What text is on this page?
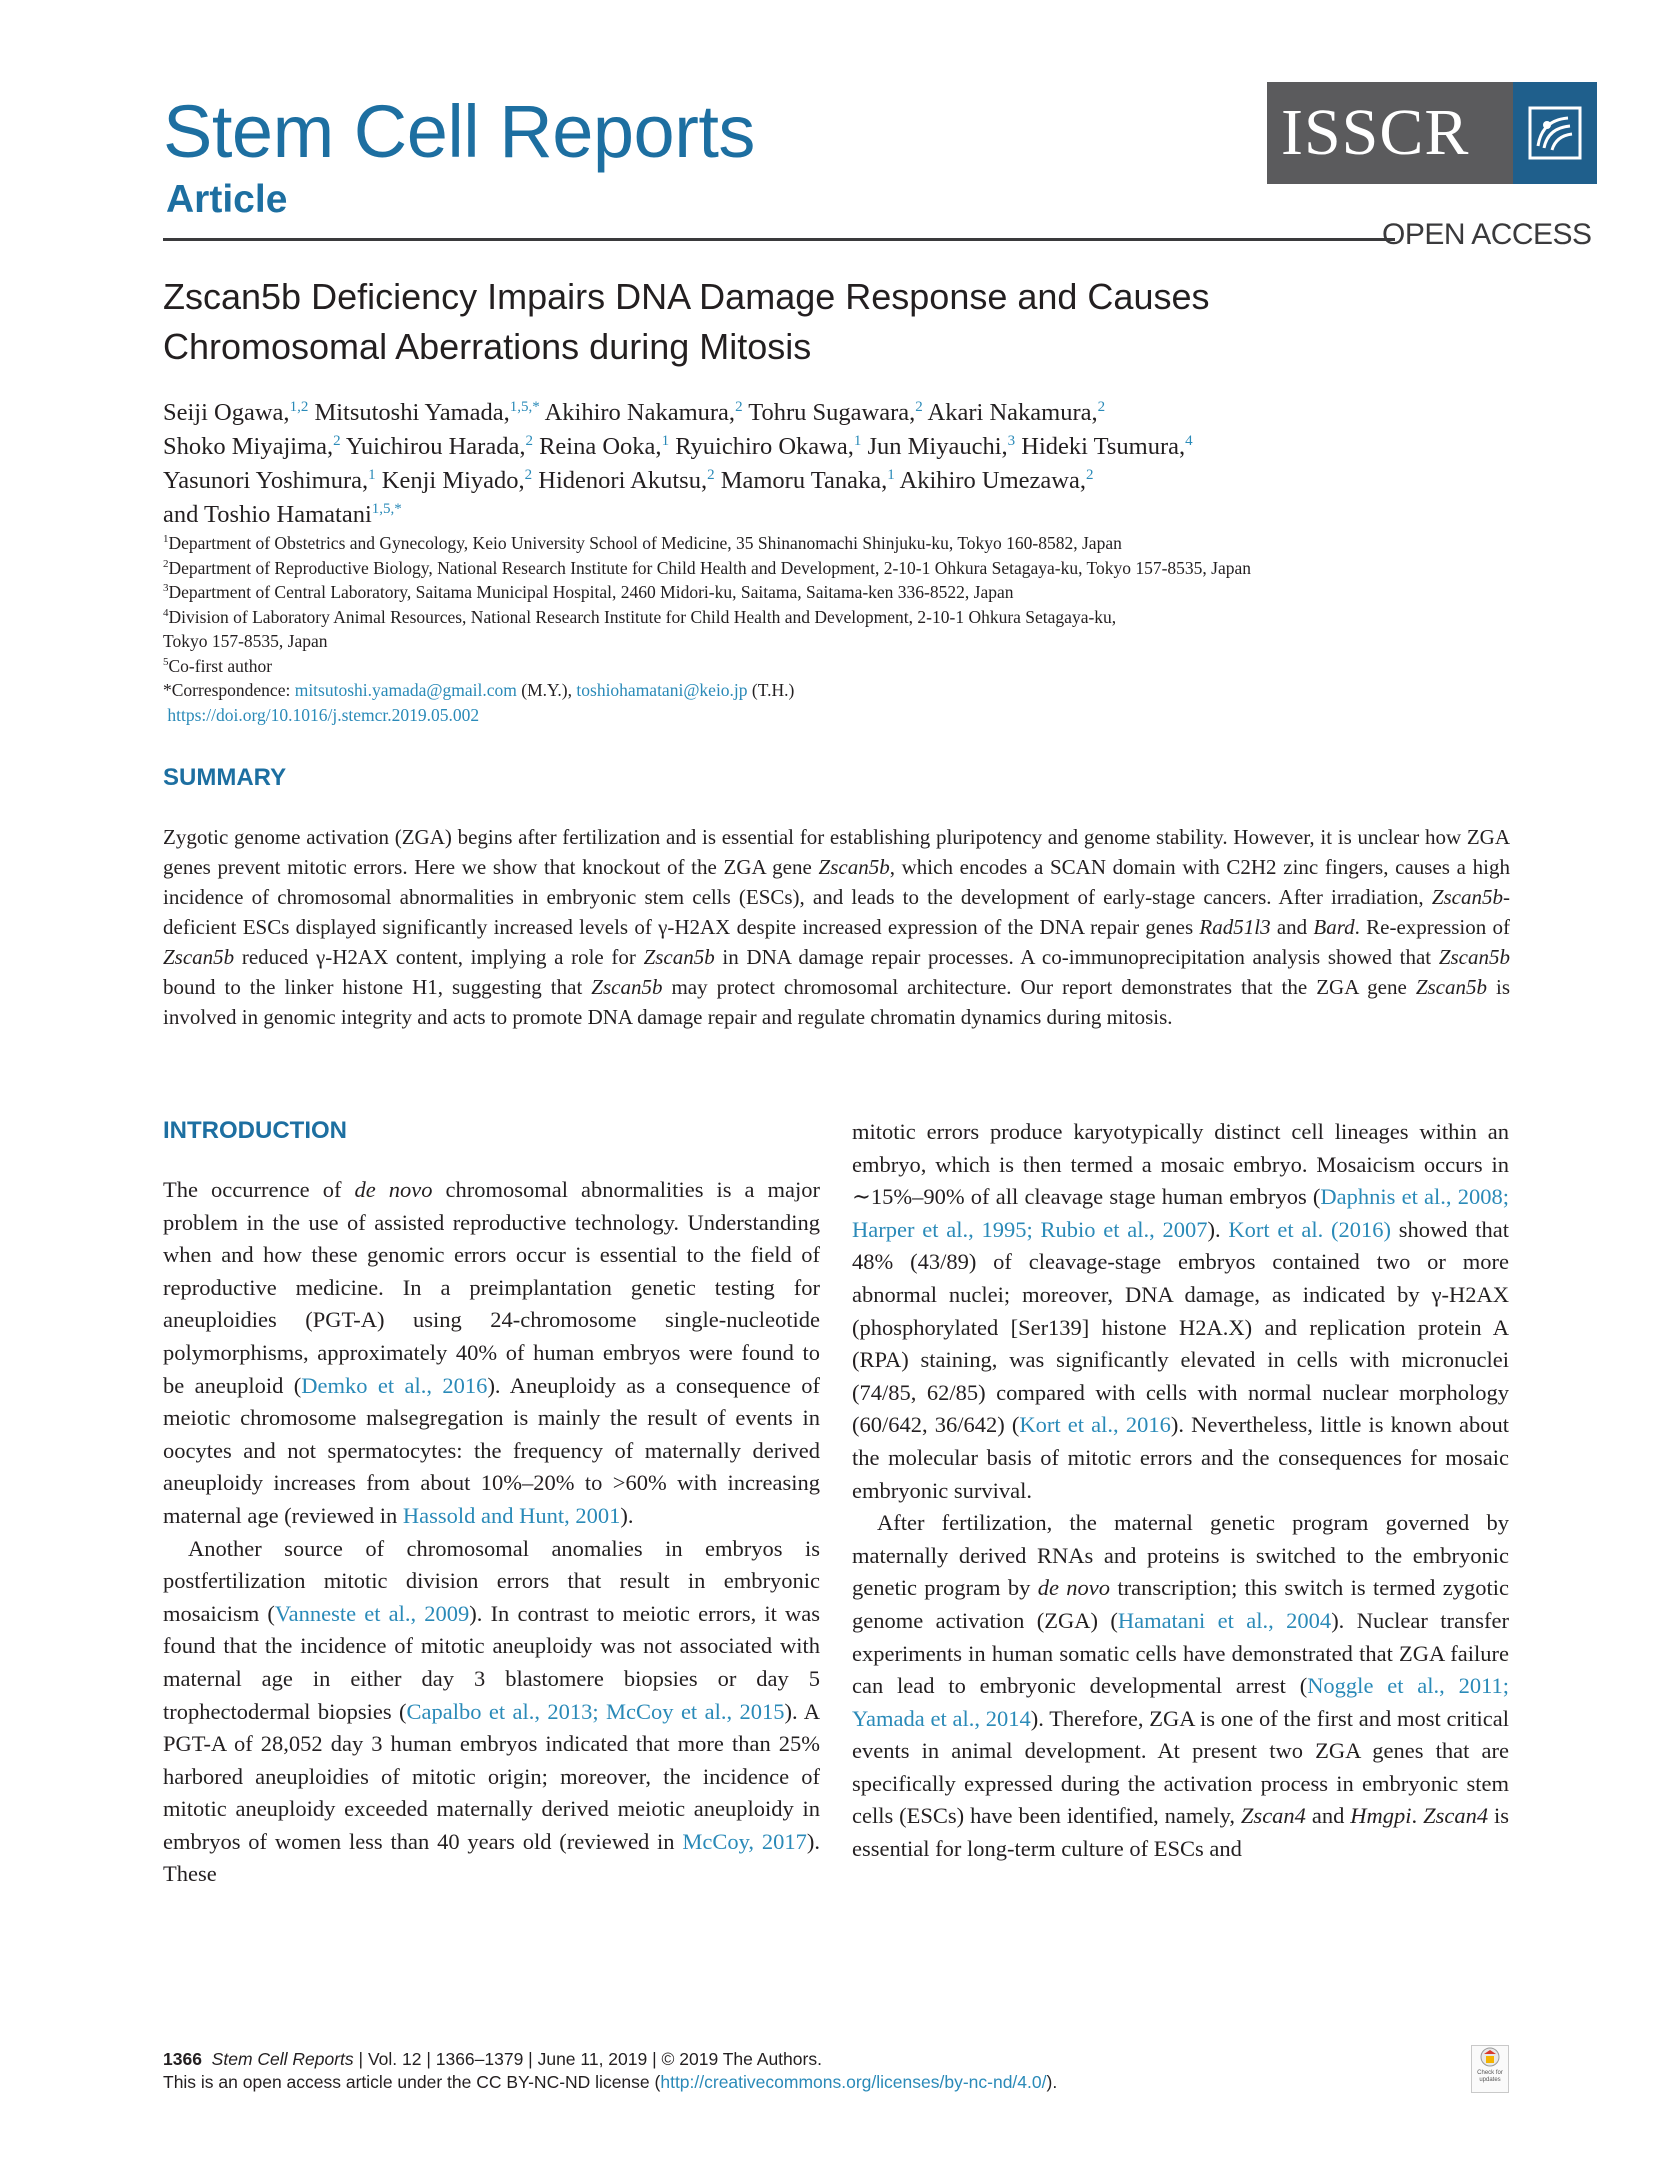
Stem Cell Reports
Article
ISSCR
OPEN ACCESS
Zscan5b Deficiency Impairs DNA Damage Response and Causes
Chromosomal Aberrations during Mitosis
Seiji Ogawa,$^{1,2}$ Mitsutoshi Yamada,$^{1,5,*}$ Akihiro Nakamura,$^2$ Tohru Sugawara,$^2$ Akari Nakamura,$^2$
Shoko Miyajima,$^2$ Yuichirou Harada,$^2$ Reina Ooka,$^1$ Ryuichiro Okawa,$^1$ Jun Miyauchi,$^3$ Hideki Tsumura,$^4$
Yasunori Yoshimura,$^1$ Kenji Miyado,$^2$ Hidenori Akutsu,$^2$ Mamoru Tanaka,$^1$ Akihiro Umezawa,$^2$
and Toshio Hamatani$^{1,5,*}$
$^1$Department of Obstetrics and Gynecology, Keio University School of Medicine, 35 Shinanomachi Shinjuku-ku, Tokyo 160-8582, Japan
$^2$Department of Reproductive Biology, National Research Institute for Child Health and Development, 2-10-1 Ohkura Setagaya-ku, Tokyo 157-8535, Japan
$^3$Department of Central Laboratory, Saitama Municipal Hospital, 2460 Midori-ku, Saitama, Saitama-ken 336-8522, Japan
$^4$Division of Laboratory Animal Resources, National Research Institute for Child Health and Development, 2-10-1 Ohkura Setagaya-ku,
Tokyo 157-8535, Japan
$^5$Co-first author
*Correspondence: mitsutoshi.yamada@gmail.com (M.Y.), toshiohamatani@keio.jp (T.H.)
https://doi.org/10.1016/j.stemcr.2019.05.002
SUMMARY

Zygotic genome activation (ZGA) begins after fertilization and is essential for establishing pluripotency and genome stability. However, it is unclear how ZGA genes prevent mitotic errors. Here we show that knockout of the ZGA gene Zscan5b, which encodes a SCAN domain with C2H2 zinc fingers, causes a high incidence of chromosomal abnormalities in embryonic stem cells (ESCs), and leads to the development of early-stage cancers. After irradiation, Zscan5b-deficient ESCs displayed significantly increased levels of γ-H2AX despite increased expression of the DNA repair genes Rad51l3 and Bard. Re-expression of Zscan5b reduced γ-H2AX content, implying a role for Zscan5b in DNA damage repair processes. A co-immunoprecipitation analysis showed that Zscan5b bound to the linker histone H1, suggesting that Zscan5b may protect chromosomal architecture. Our report demonstrates that the ZGA gene Zscan5b is involved in genomic integrity and acts to promote DNA damage repair and regulate chromatin dynamics during mitosis.

INTRODUCTION

The occurrence of de novo chromosomal abnormalities is a major problem in the use of assisted reproductive technology. Understanding when and how these genomic errors occur is essential to the field of reproductive medicine. In a preimplantation genetic testing for aneuploidies (PGT-A) using 24-chromosome single-nucleotide polymorphisms, approximately 40% of human embryos were found to be aneuploid (Demko et al., 2016). Aneuploidy as a consequence of meiotic chromosome malsegregation is mainly the result of events in oocytes and not spermatocytes: the frequency of maternally derived aneuploidy increases from about 10%–20% to >60% with increasing maternal age (reviewed in Hassold and Hunt, 2001).

Another source of chromosomal anomalies in embryos is postfertilization mitotic division errors that result in embryonic mosaicism (Vanneste et al., 2009). In contrast to meiotic errors, it was found that the incidence of mitotic aneuploidy was not associated with maternal age in either day 3 blastomere biopsies or day 5 trophectodermal biopsies (Capalbo et al., 2013; McCoy et al., 2015). A PGT-A of 28,052 day 3 human embryos indicated that more than 25% harbored aneuploidies of mitotic origin; moreover, the incidence of mitotic aneuploidy exceeded maternally derived meiotic aneuploidy in embryos of women less than 40 years old (reviewed in McCoy, 2017). These

mitotic errors produce karyotypically distinct cell lineages within an embryo, which is then termed a mosaic embryo. Mosaicism occurs in ∼15%–90% of all cleavage stage human embryos (Daphnis et al., 2008; Harper et al., 1995; Rubio et al., 2007). Kort et al. (2016) showed that 48% (43/89) of cleavage-stage embryos contained two or more abnormal nuclei; moreover, DNA damage, as indicated by γ-H2AX (phosphorylated [Ser139] histone H2A.X) and replication protein A (RPA) staining, was significantly elevated in cells with micronuclei (74/85, 62/85) compared with cells with normal nuclear morphology (60/642, 36/642) (Kort et al., 2016). Nevertheless, little is known about the molecular basis of mitotic errors and the consequences for mosaic embryonic survival.

After fertilization, the maternal genetic program governed by maternally derived RNAs and proteins is switched to the embryonic genetic program by de novo transcription; this switch is termed zygotic genome activation (ZGA) (Hamatani et al., 2004). Nuclear transfer experiments in human somatic cells have demonstrated that ZGA failure can lead to embryonic developmental arrest (Noggle et al., 2011; Yamada et al., 2014). Therefore, ZGA is one of the first and most critical events in animal development. At present two ZGA genes that are specifically expressed during the activation process in embryonic stem cells (ESCs) have been identified, namely, Zscan4 and Hmgpi. Zscan4 is essential for long-term culture of ESCs and

1366 Stem Cell Reports | Vol. 12 | 1366–1379 | June 11, 2019 | © 2019 The Authors.
This is an open access article under the CC BY-NC-ND license (http://creativecommons.org/licenses/by-nc-nd/4.0/).	Check for updates
